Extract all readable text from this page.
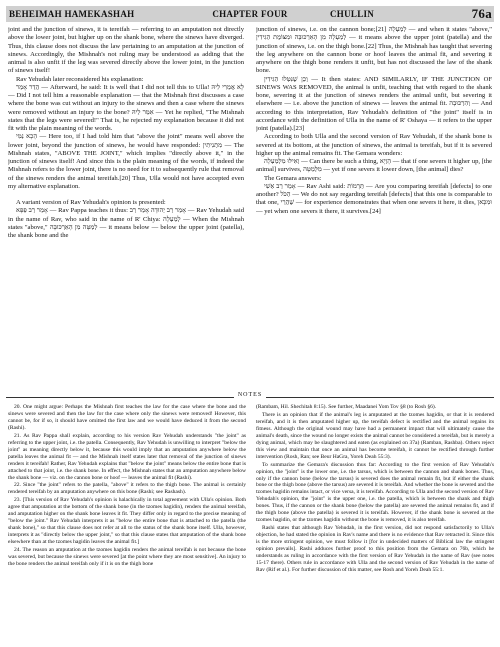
BEHEIMAH HAMEKASHAH	CHAPTER FOUR	CHULLIN	76a

joint and the junction of sinews, it is tereifah — referring to an amputation not directly above the lower joint, but higher up on the shank bone, where the sinews have diverged. Thus, this clause does not discuss the law pertaining to an amputation at the junction of sinews. Accordingly, the Mishnah's not ruling may be understood as adding that the animal is also unfit if the leg was severed directly above the lower joint, in the junction of sinews itself!

Rav Yehudah later reconsidered his explanation:

הֲדַר אָמַר — Afterward, he said: It is well that I did not tell this to Ulla! לָא אֲמַרִי לִיהּ — Did I not tell him a reasonable explanation — that the Mishnah first discusses a case where the bone was cut without an injury to the sinews and then a case where the sinews were removed without an injury to the bone? אִמַּר לֵיהּ — Yet he replied, "The Mishnah states that the legs were severed!" That is, he rejected my explanation because it did not fit with the plain meaning of the words.

הָכָא נַמִּי — Here too, if I had told him that "above the joint" means well above the lower joint, beyond the junction of sinews, he would have responded: מִתְנִיתִין — The Mishnah states, "ABOVE THE JOINT," which implies "directly above it," in the junction of sinews itself! And since this is the plain meaning of the words, if indeed the Mishnah refers to the lower joint, there is no need for it to subsequently rule that removal of the sinews renders the animal tereifah.[20] Thus, Ulla would not have accepted even my alternative explanation.

A variant version of Rav Yehudah's opinion is presented:

אָמַר רַב פַּפָּא — Rav Pappa teaches it thus: אָמַר רַב יְהוּדָה אָמַר רַב — Rav Yehudah said in the name of Rav, who said in the name of R' Chiya: לְמַעְלָה — When the Mishnah states "above," לְמַטָּה מִן הָאַרְכּוּבָּה — it means below — below the upper joint (patella), the shank bone and the

junction of sinews, i.e. on the cannon bone;[21] לְמַעְלָה — and when it states "above," לְמַעְלָה מִן הָאַרְכּוּבָּה וּמִצּוֹמֶת הַגִּידִין — it means above the upper joint (patella) and the junction of sinews, i.e. on the thigh bone.[22] Thus, the Mishnah has taught that severing the leg anywhere on the cannon bone or hoof leaves the animal fit, and severing it anywhere on the thigh bone renders it unfit, but has not discussed the law of the shank bone.

וְכֵן שֶׁנִּטְּלוּ הַגִּידִין — It then states: AND SIMILARLY, IF THE JUNCTION OF SINEWS WAS REMOVED, the animal is unfit, teaching that with regard to the shank bone, severing it at the junction of sinews renders the animal unfit, but severing it elsewhere — i.e. above the junction of sinews — leaves the animal fit. וְהִרְכּוּבָה — And according to this interpretation, Rav Yehudah's definition of "the joint" itself is in accordance with the definition of Ulla in the name of R' Oshaya — it refers to the upper joint (patella).[23]

According to both Ulla and the second version of Rav Yehudah, if the shank bone is severed at its bottom, at the junction of sinews, the animal is tereifah, but if it is severed higher up the animal remains fit. The Gemara wonders:

וְאִילּוּ מִלְּמַעְלָה — Can there be such a thing, הָוְיָא — that if one severs it higher up, [the animal] survives, מִלְּמַטָּה — yet if one severs it lower down, [the animal] dies?

The Gemara answers:

אָמַר רַב אַשִׁי — Rav Ashi said: תְּרָמוֹת — Are you comparing tereifah [defects] to one another? הַכֹּל — We do not say regarding tereifah [defects] that this one is comparable to that one, שֶׁהֲרֵי — for experience demonstrates that when one severs it here, it dies, וּמִכָּאן — yet when one severs it there, it survives.[24]

NOTES

20. One might argue: Perhaps the Mishnah first teaches the law for the case where the bone and the sinews were severed and then the law for the case where only the sinews were removed! However, this cannot be, for if so, it should have omitted the first law and we would have deduced it from the second (Rashi).

21. As Rav Pappa shall explain, according to his version Rav Yehudah understands "the joint" as referring to the upper joint, i.e. the patella. Consequently, Rav Yehudah is unwilling to interpret "below the joint" as meaning directly below it, because this would imply that an amputation anywhere below the patella leaves the animal fit — and the Mishnah itself states later that removal of the junction of sinews renders it tereifah! Rather, Rav Yehudah explains that "below the joint" means below the entire bone that is attached to that joint, i.e. the shank bone. In effect, the Mishnah states that an amputation anywhere below the shank bone — viz. on the cannon bone or hoof — leaves the animal fit (Rashi).

22. Since "the joint" refers to the patella, "above" it refers to the thigh bone. The animal is certainly rendered tereifah by an amputation anywhere on this bone (Rashi; see Rashash).

23. [This version of Rav Yehudah's opinion is halachically in total agreement with Ulla's opinion. Both agree that amputation at the bottom of the shank bone (in the tzomes hagidin), renders the animal tereifah, and amputation higher on the shank bone leaves it fit. They differ only in regard to the precise meaning of "below the joint." Rav Yehudah interprets it as "below the entire bone that is attached to the patella (the shank bone)," so that this clause does not refer at all to the status of the shank bone itself. Ulla, however, interprets it as "directly below the upper joint," so that this clause states that amputation of the shank bone elsewhere than at the tzomes hagidin leaves the animal fit.]

24. The reason an amputation at the tzomes hagidin renders the animal tereifah is not because the bone was severed, but because the sinews were severed [at the point where they are most sensitive]. An injury to the bone renders the animal tereifah only if it is on the thigh bone

(Rambam, Hil. Shechitah 8:15). See further, Maadanei Yom Tov §8 (to Rosh §6).

There is an opinion that if the animal's leg is amputated at the tzomes hagidin, or that it is rendered tereifah, and it is then amputated higher up, the tereifah defect is rectified and the animal regains its fitness. Although the original wound may have had a permanent impact that will ultimately cause the animal's death, since the wound no longer exists the animal cannot be considered a tereifah, but is merely a dying animal, which may be slaughtered and eaten (as explained on 37a) (Ramban, Rashba). Others reject this view and maintain that once an animal has become tereifah, it cannot be rectified through further intervention (Rosh, Ran; see Beur HaGra, Yoreh Deah 55:3).

To summarize the Gemara's discussion thus far: According to the first version of Rav Yehudah's opinion, the "joint" is the lower one, i.e. the tarsus, which is between the cannon and shank bones. Thus, only if the cannon bone (below the tarsus) is severed does the animal remain fit, but if either the shank bone or the thigh bone (above the tarsus) are severed it is tereifah. And whether the bone is severed and the tzomes hagidin remains intact, or vice versa, it is tereifah. According to Ulla and the second version of Rav Yehudah's opinion, the "joint" is the upper one, i.e. the patella, which is between the shank and thigh bones. Thus, if the cannon or the shank bone (below the patella) are severed the animal remains fit, and if the thigh bone (above the patella) is severed it is tereifah. However, if the shank bone is severed at the tzomes hagidin, or the tzomes hagidin without the bone is removed, it is also tereifah.

Rashi states that although Rav Yehudah, in the first version, did not respond satisfactorily to Ulla's objection, he had stated the opinion in Rav's name and there is no evidence that Rav retracted it. Since this is the more stringent opinion, we must follow it [for in undecided matters of Biblical law the stringent opinion prevails]. Rashi adduces further proof to this position from the Gemara on 76b, which he understands as ruling in accordance with the first version of Rav Yehudah in the name of Rav (see notes 15-17 there). Others rule in accordance with Ulla and the second version of Rav Yehudah in the name of Rav (Rif et al.). For further discussion of this matter, see Rosh and Yoreh Deah 55:1.
